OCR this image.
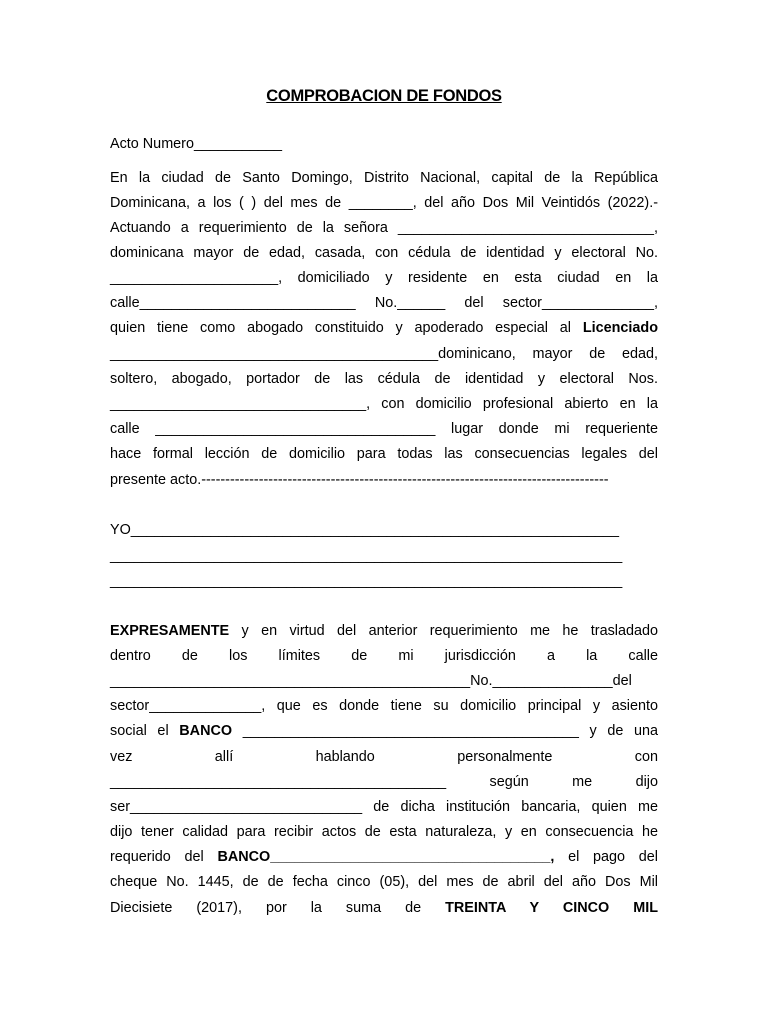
COMPROBACION DE FONDOS
Acto Numero___________
En la ciudad de Santo Domingo, Distrito Nacional, capital de la República
Dominicana, a los ( ) del mes de ________, del año Dos Mil Veintidós (2022).-
Actuando a requerimiento de la señora ________________________________,
dominicana mayor de edad, casada, con cédula de identidad y electoral No.
_____________________, domiciliado y residente en esta ciudad en la
calle___________________________ No.______ del sector______________,
quien tiene como abogado constituido y apoderado especial al Licenciado
_________________________________________dominicano, mayor de edad,
soltero, abogado, portador de las cédula de identidad y electoral Nos.
________________________________, con domicilio profesional abierto en la
calle ___________________________________ lugar donde mi requeriente
hace formal lección de domicilio para todas las consecuencias legales del
presente acto.-------------------------------------------------------------------------------------
YO_____________________________________________________________
________________________________________________________________
________________________________________________________________
EXPRESAMENTE y en virtud del anterior requerimiento me he trasladado
dentro de los límites de mi jurisdicción a la calle
_____________________________________________No._______________del
sector______________, que es donde tiene su domicilio principal y asiento
social el BANCO __________________________________________ y de una
vez allí hablando personalmente con
__________________________________________ según me dijo
ser_____________________________ de dicha institución bancaria, quien me
dijo tener calidad para recibir actos de esta naturaleza, y en consecuencia he
requerido del BANCO___________________________________, el pago del
cheque No. 1445, de de fecha cinco (05), del mes de abril del año Dos Mil
Diecisiete (2017), por la suma de TREINTA Y CINCO MIL
